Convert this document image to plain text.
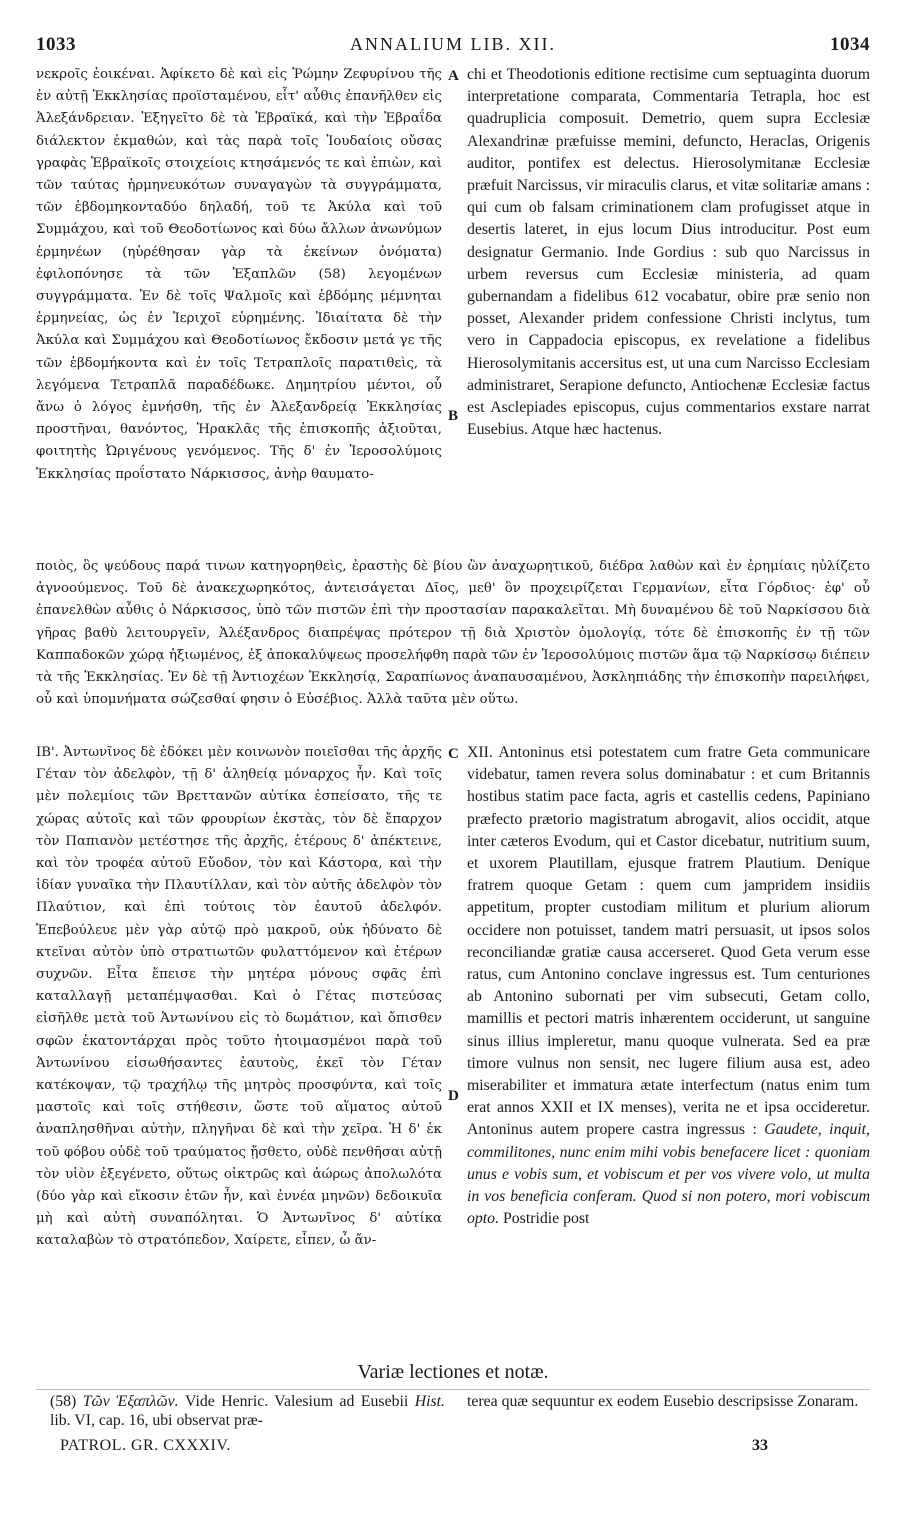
1033	ANNALIUM LIB. XII.	1034
A
B
C
D

νεκροῖς ἐοικέναι. Ἀφίκετο δὲ καὶ εἰς Ῥώμην Ζεφυρίνου τῆς ἐν αὐτῇ Ἐκκλησίας προϊσταμένου, εἶτ' αὖθις ἐπανῆλθεν εἰς Ἀλεξάνδρειαν. Ἐξηγεῖτο δὲ τὰ Ἑβραϊκά, καὶ τὴν Ἑβραΐδα διάλεκτον ἐκμαθών, καὶ τὰς παρὰ τοῖς Ἰουδαίοις οὔσας γραφὰς Ἑβραϊκοῖς στοιχείοις κτησάμενός τε καὶ ἐπιὼν, καὶ τῶν ταύτας ἡρμηνευκότων συναγαγὼν τὰ συγγράμματα, τῶν ἑβδομηκονταδύο δηλαδή, τοῦ τε Ἀκύλα καὶ τοῦ Συμμάχου, καὶ τοῦ Θεοδοτίωνος καὶ δύω ἄλλων ἀνωνύμων ἑρμηνέων (ηὑρέθησαν γὰρ τὰ ἐκείνων ὀνόματα) ἐφιλοπόνησε τὰ τῶν Ἑξαπλῶν (58) λεγομένων συγγράμματα. Ἐν δὲ τοῖς Ψαλμοῖς καὶ ἑβδόμης μέμνηται ἑρμηνείας, ὡς ἐν Ἱεριχοῖ εὑρημένης. Ἰδιαίτατα δὲ τὴν Ἀκύλα καὶ Συμμάχου καὶ Θεοδοτίωνος ἔκδοσιν μετά γε τῆς τῶν ἑβδομήκοντα καὶ ἐν τοῖς Τετραπλοῖς παρατιθεὶς, τὰ λεγόμενα Τετραπλᾶ παραδέδωκε. Δημητρίου μέντοι, οὗ ἄνω ὁ λόγος ἐμνήσθη, τῆς ἐν Ἀλεξανδρείᾳ Ἐκκλησίας προστῆναι, θανόντος, Ἡρακλᾶς τῆς ἐπισκοπῆς ἀξιοῦται, φοιτητὴς Ὠριγένους γενόμενος. Τῆς δ' ἐν Ἱεροσολύμοις Ἐκκλησίας προΐστατο Νάρκισσος, ἀνὴρ θαυματο-

chi et Theodotionis editione rectisime cum septuaginta duorum interpretatione comparata, Commentaria Tetrapla, hoc est quadruplicia composuit. Demetrio, quem supra Ecclesiæ Alexandrinæ præfuisse memini, defuncto, Heraclas, Origenis auditor, pontifex est delectus. Hierosolymitanæ Ecclesiæ præfuit Narcissus, vir miraculis clarus, et vitæ solitariæ amans : qui cum ob falsam criminationem clam profugisset atque in desertis lateret, in ejus locum Dius introducitur. Post eum designatur Germanio. Inde Gordius : sub quo Narcissus in urbem reversus cum Ecclesiæ ministeria, ad quam gubernandam a fidelibus 612 vocabatur, obire præ senio non posset, Alexander pridem confessione Christi inclytus, tum vero in Cappadocia episcopus, ex revelatione a fidelibus Hierosolymitanis accersitus est, ut una cum Narcisso Ecclesiam administraret, Serapione defuncto, Antiochenæ Ecclesiæ factus est Asclepiades episcopus, cujus commentarios exstare narrat Eusebius. Atque hæc hactenus.

ποιὸς, ὃς ψεύδους παρά τινων κατηγορηθεὶς, ἐραστὴς δὲ βίου ὢν ἀναχωρητικοῦ, διέδρα λαθὼν καὶ ἐν ἐρημίαις ηὐλίζετο ἀγνοούμενος. Τοῦ δὲ ἀνακεχωρηκότος, ἀντεισάγεται Δῖος, μεθ' ὃν προχειρίζεται Γερμανίων, εἶτα Γόρδιος· ἐφ' οὗ ἐπανελθὼν αὖθις ὁ Νάρκισσος, ὑπὸ τῶν πιστῶν ἐπὶ τὴν προστασίαν παρακαλεῖται. Μὴ δυναμένου δὲ τοῦ Ναρκίσσου διὰ γῆρας βαθὺ λειτουργεῖν, Ἀλέξανδρος διαπρέψας πρότερον τῇ διὰ Χριστὸν ὁμολογίᾳ, τότε δὲ ἐπισκοπῆς ἐν τῇ τῶν Καππαδοκῶν χώρᾳ ἠξιωμένος, ἐξ ἀποκαλύψεως προσελήφθη παρὰ τῶν ἐν Ἱεροσολύμοις πιστῶν ἅμα τῷ Ναρκίσσῳ διέπειν τὰ τῆς Ἐκκλησίας. Ἐν δὲ τῇ Ἀντιοχέων Ἐκκλησίᾳ, Σαραπίωνος ἀναπαυσαμένου, Ἀσκληπιάδης τὴν ἐπισκοπὴν παρειλήφει, οὗ καὶ ὑπομνήματα σώζεσθαί φησιν ὁ Εὐσέβιος. Ἀλλὰ ταῦτα μὲν οὕτω.

ΙΒ'. Ἀντωνῖνος δὲ ἐδόκει μὲν κοινωνὸν ποιεῖσθαι τῆς ἀρχῆς Γέταν τὸν ἀδελφὸν, τῇ δ' ἀληθείᾳ μόναρχος ἦν. Καὶ τοῖς μὲν πολεμίοις τῶν Βρεττανῶν αὐτίκα ἐσπείσατο, τῆς τε χώρας αὐτοῖς καὶ τῶν φρουρίων ἐκστὰς, τὸν δὲ ἔπαρχον τὸν Παπιανὸν μετέστησε τῆς ἀρχῆς, ἑτέρους δ' ἀπέκτεινε, καὶ τὸν τροφέα αὐτοῦ Εὔοδον, τὸν καὶ Κάστορα, καὶ τὴν ἰδίαν γυναῖκα τὴν Πλαυτίλλαν, καὶ τὸν αὐτῆς ἀδελφὸν τὸν Πλαύτιον, καὶ ἐπὶ τούτοις τὸν ἑαυτοῦ ἀδελφόν. Ἐπεβούλευε μὲν γὰρ αὐτῷ πρὸ μακροῦ, οὐκ ἠδύνατο δὲ κτεῖναι αὐτὸν ὑπὸ στρατιωτῶν φυλαττόμενον καὶ ἑτέρων συχνῶν. Εἶτα ἔπεισε τὴν μητέρα μόνους σφᾶς ἐπὶ καταλλαγῇ μεταπέμψασθαι. Καὶ ὁ Γέτας πιστεύσας εἰσῆλθε μετὰ τοῦ Ἀντωνίνου εἰς τὸ δωμάτιον, καὶ ὄπισθεν σφῶν ἑκατοντάρχαι πρὸς τοῦτο ἡτοιμασμένοι παρὰ τοῦ Ἀντωνίνου εἰσωθήσαντες ἑαυτοὺς, ἐκεῖ τὸν Γέταν κατέκοψαν, τῷ τραχήλῳ τῆς μητρὸς προσφύντα, καὶ τοῖς μαστοῖς καὶ τοῖς στήθεσιν, ὥστε τοῦ αἵματος αὐτοῦ ἀναπλησθῆναι αὐτὴν, πληγῆναι δὲ καὶ τὴν χεῖρα. Ἡ δ' ἐκ τοῦ φόβου οὐδὲ τοῦ τραύματος ᾔσθετο, οὐδὲ πενθῆσαι αὐτῇ τὸν υἱὸν ἐξεγένετο, οὕτως οἰκτρῶς καὶ ἀώρως ἀπολωλότα (δύο γὰρ καὶ εἴκοσιν ἐτῶν ἦν, καὶ ἐννέα μηνῶν) δεδοικυῖα μὴ καὶ αὐτὴ συναπόληται. Ὁ Ἀντωνῖνος δ' αὐτίκα καταλαβὼν τὸ στρατόπεδον, Χαίρετε, εἶπεν, ὦ ἄν-

XII. Antoninus etsi potestatem cum fratre Geta communicare videbatur, tamen revera solus dominabatur : et cum Britannis hostibus statim pace facta, agris et castellis cedens, Papiniano præfecto prætorio magistratum abrogavit, alios occidit, atque inter cæteros Evodum, qui et Castor dicebatur, nutritium suum, et uxorem Plautillam, ejusque fratrem Plautium. Denique fratrem quoque Getam : quem cum jampridem insidiis appetitum, propter custodiam militum et plurium aliorum occidere non potuisset, tandem matri persuasit, ut ipsos solos reconciliandæ gratiæ causa accerseret. Quod Geta verum esse ratus, cum Antonino conclave ingressus est. Tum centuriones ab Antonino subornati per vim subsecuti, Getam collo, mamillis et pectori matris inhærentem occiderunt, ut sanguine sinus illius impleretur, manu quoque vulnerata. Sed ea præ timore vulnus non sensit, nec lugere filium ausa est, adeo miserabiliter et immatura ætate interfectum (natus enim tum erat annos XXII et IX menses), verita ne et ipsa occideretur. Antoninus autem propere castra ingressus : Gaudete, inquit, commilitones, nunc enim mihi vobis benefacere licet : quoniam unus e vobis sum, et vobiscum et per vos vivere volo, ut multa in vos beneficia conferam. Quod si non potero, mori vobiscum opto. Postridie post

Variæ lectiones et notæ.
(58) Τῶν Ἑξαπλῶν. Vide Henric. Valesium ad Eusebii Hist. lib. VI, cap. 16, ubi observat præ-
terea quæ sequuntur ex eodem Eusebio descripsisse Zonaram.
PATROL. GR. CXXXIV.	33
